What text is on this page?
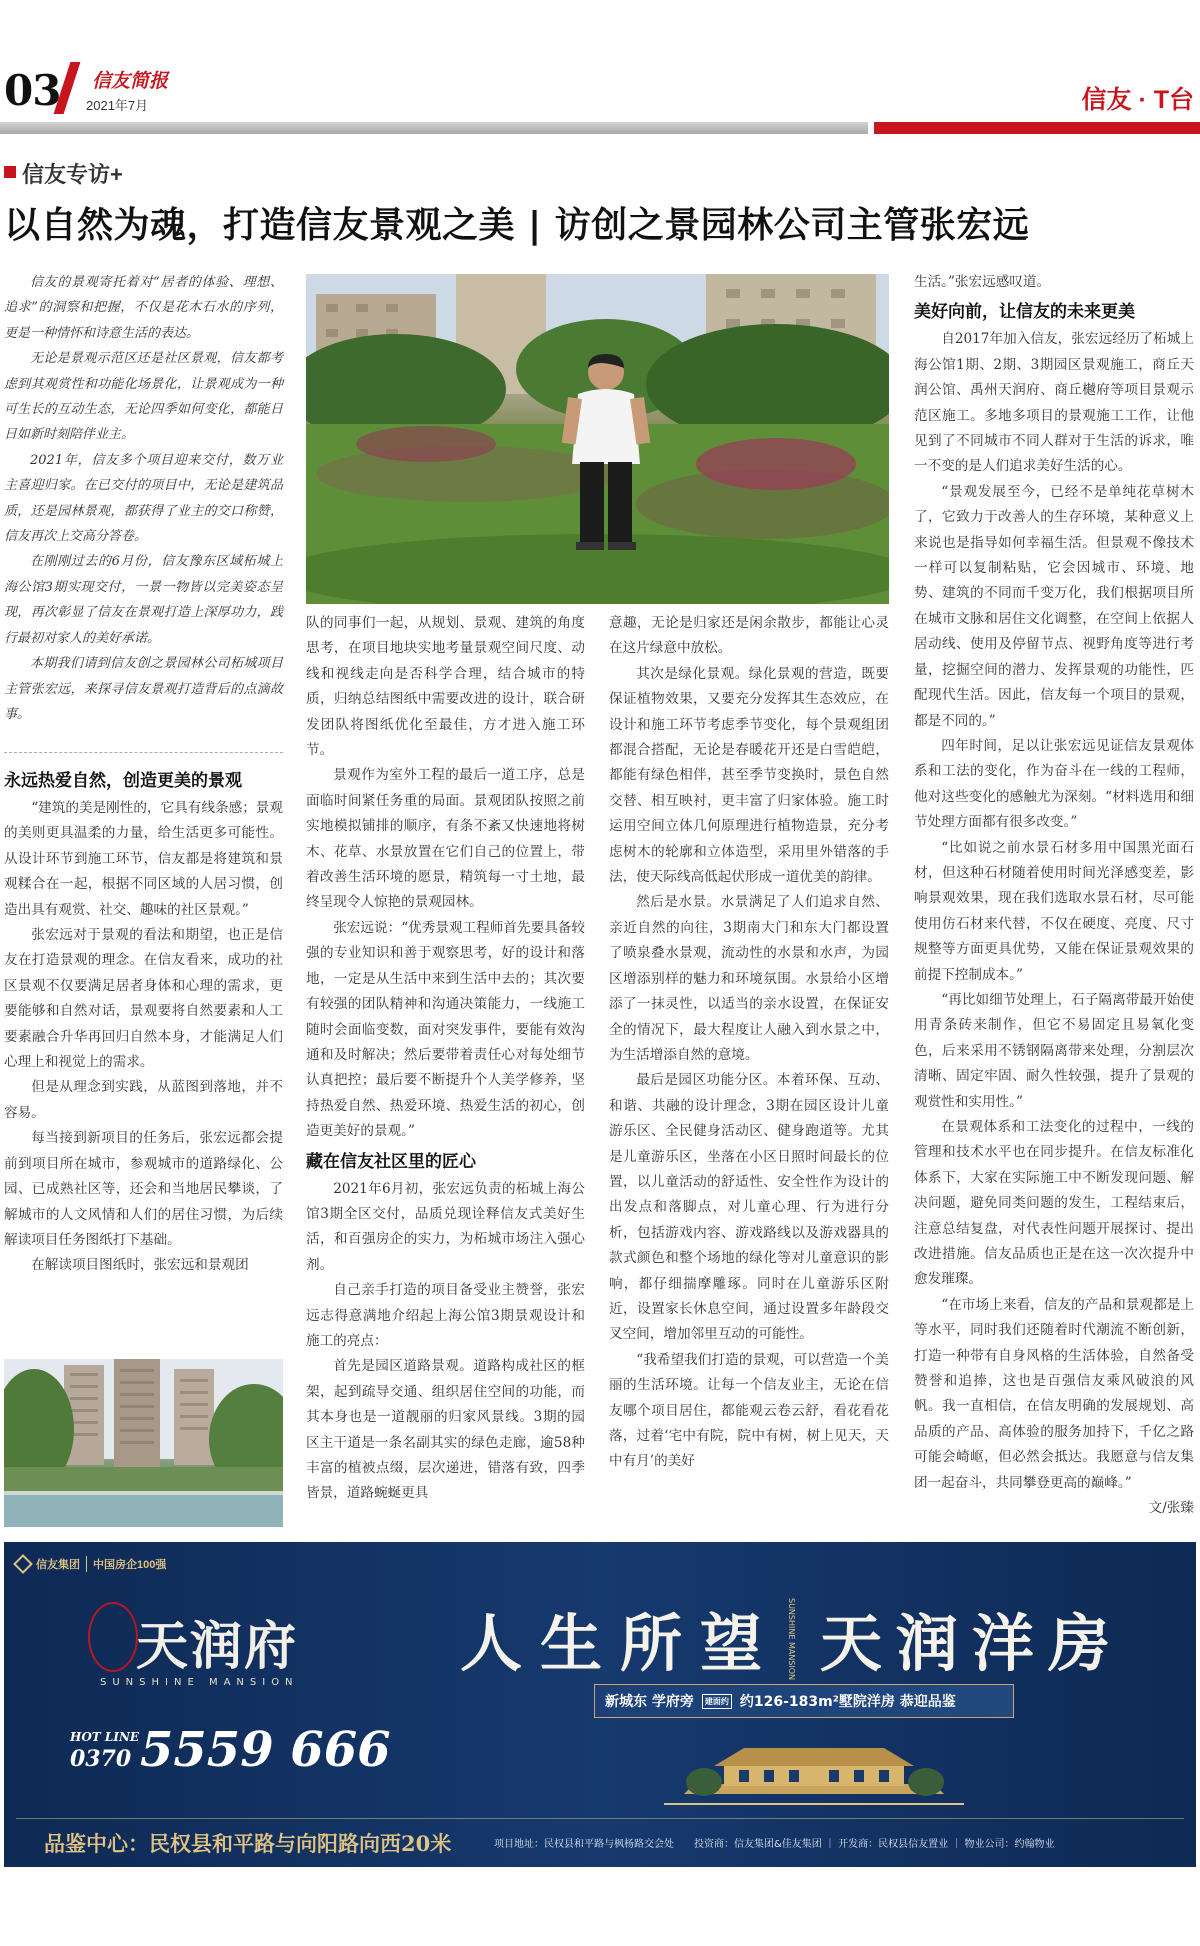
03 信友简报
2021年7月	信友 · T台
信友专访+
以自然为魂，打造信友景观之美 | 访创之景园林公司主管张宏远

信友的景观寄托着对“居者的体验、理想、追求”的洞察和把握，不仅是花木石水的序列，更是一种情怀和诗意生活的表达。

无论是景观示范区还是社区景观，信友都考虑到其观赏性和功能化场景化，让景观成为一种可生长的互动生态，无论四季如何变化，都能日日如新时刻陪伴业主。

2021年，信友多个项目迎来交付，数万业主喜迎归家。在已交付的项目中，无论是建筑品质，还是园林景观，都获得了业主的交口称赞，信友再次上交高分答卷。

在刚刚过去的6月份，信友豫东区域柘城上海公馆3期实现交付，一景一物皆以完美姿态呈现，再次彰显了信友在景观打造上深厚功力，践行最初对家人的美好承诺。

本期我们请到信友创之景园林公司柘城项目主管张宏远，来探寻信友景观打造背后的点滴故事。

永远热爱自然，创造更美的景观

“建筑的美是刚性的，它具有线条感；景观的美则更具温柔的力量，给生活更多可能性。从设计环节到施工环节，信友都是将建筑和景观糅合在一起，根据不同区域的人居习惯，创造出具有观赏、社交、趣味的社区景观。”

张宏远对于景观的看法和期望，也正是信友在打造景观的理念。在信友看来，成功的社区景观不仅要满足居者身体和心理的需求，更要能够和自然对话，景观要将自然要素和人工要素融合升华再回归自然本身，才能满足人们心理上和视觉上的需求。

但是从理念到实践，从蓝图到落地，并不容易。

每当接到新项目的任务后，张宏远都会提前到项目所在城市，参观城市的道路绿化、公园、已成熟社区等，还会和当地居民攀谈，了解城市的人文风情和人们的居住习惯，为后续解读项目任务图纸打下基础。

在解读项目图纸时，张宏远和景观团

队的同事们一起，从规划、景观、建筑的角度思考，在项目地块实地考量景观空间尺度、动线和视线走向是否科学合理，结合城市的特质，归纳总结图纸中需要改进的设计，联合研发团队将图纸优化至最佳，方才进入施工环节。

景观作为室外工程的最后一道工序，总是面临时间紧任务重的局面。景观团队按照之前实地模拟铺排的顺序，有条不紊又快速地将树木、花草、水景放置在它们自己的位置上，带着改善生活环境的愿景，精筑每一寸土地，最终呈现令人惊艳的景观园林。

张宏远说：“优秀景观工程师首先要具备较强的专业知识和善于观察思考，好的设计和落地，一定是从生活中来到生活中去的；其次要有较强的团队精神和沟通决策能力，一线施工随时会面临变数，面对突发事件，要能有效沟通和及时解决；然后要带着责任心对每处细节认真把控；最后要不断提升个人美学修养，坚持热爱自然、热爱环境、热爱生活的初心，创造更美好的景观。”

藏在信友社区里的匠心

2021年6月初，张宏远负责的柘城上海公馆3期全区交付，品质兑现诠释信友式美好生活，和百强房企的实力，为柘城市场注入强心剂。

自己亲手打造的项目备受业主赞誉，张宏远志得意满地介绍起上海公馆3期景观设计和施工的亮点：

首先是园区道路景观。道路构成社区的框架，起到疏导交通、组织居住空间的功能，而其本身也是一道靓丽的归家风景线。3期的园区主干道是一条名副其实的绿色走廊，逾58种丰富的植被点缀，层次递进，错落有致，四季皆景，道路蜿蜒更具

意趣，无论是归家还是闲余散步，都能让心灵在这片绿意中放松。

其次是绿化景观。绿化景观的营造，既要保证植物效果，又要充分发挥其生态效应，在设计和施工环节考虑季节变化，每个景观组团都混合搭配，无论是春暖花开还是白雪皑皑，都能有绿色相伴，甚至季节变换时，景色自然交替、相互映衬，更丰富了归家体验。施工时运用空间立体几何原理进行植物造景，充分考虑树木的轮廓和立体造型，采用里外错落的手法，使天际线高低起伏形成一道优美的韵律。

然后是水景。水景满足了人们追求自然、亲近自然的向往，3期南大门和东大门都设置了喷泉叠水景观，流动性的水景和水声，为园区增添别样的魅力和环境氛围。水景给小区增添了一抹灵性，以适当的亲水设置，在保证安全的情况下，最大程度让人融入到水景之中，为生活增添自然的意境。

最后是园区功能分区。本着环保、互动、和谐、共融的设计理念，3期在园区设计儿童游乐区、全民健身活动区、健身跑道等。尤其是儿童游乐区，坐落在小区日照时间最长的位置，以儿童活动的舒适性、安全性作为设计的出发点和落脚点，对儿童心理、行为进行分析，包括游戏内容、游戏路线以及游戏器具的款式颜色和整个场地的绿化等对儿童意识的影响，都仔细揣摩雕琢。同时在儿童游乐区附近，设置家长休息空间，通过设置多年龄段交叉空间，增加邻里互动的可能性。

“我希望我们打造的景观，可以营造一个美丽的生活环境。让每一个信友业主，无论在信友哪个项目居住，都能观云卷云舒，看花看花落，过着‘宅中有院，院中有树，树上见天，天中有月’的美好

生活。”张宏远感叹道。

美好向前，让信友的未来更美

自2017年加入信友，张宏远经历了柘城上海公馆1期、2期、3期园区景观施工，商丘天润公馆、禹州天润府、商丘樾府等项目景观示范区施工。多地多项目的景观施工工作，让他见到了不同城市不同人群对于生活的诉求，唯一不变的是人们追求美好生活的心。

“景观发展至今，已经不是单纯花草树木了，它致力于改善人的生存环境，某种意义上来说也是指导如何幸福生活。但景观不像技术一样可以复制粘贴，它会因城市、环境、地势、建筑的不同而千变万化，我们根据项目所在城市文脉和居住文化调整，在空间上依据人居动线、使用及停留节点、视野角度等进行考量，挖掘空间的潜力、发挥景观的功能性，匹配现代生活。因此，信友每一个项目的景观，都是不同的。”

四年时间，足以让张宏远见证信友景观体系和工法的变化，作为奋斗在一线的工程师，他对这些变化的感触尤为深刻。“材料选用和细节处理方面都有很多改变。”

“比如说之前水景石材多用中国黑光面石材，但这种石材随着使用时间光泽感变差，影响景观效果，现在我们选取水景石材，尽可能使用仿石材来代替，不仅在硬度、亮度、尺寸规整等方面更具优势，又能在保证景观效果的前提下控制成本。”

“再比如细节处理上，石子隔离带最开始使用青条砖来制作，但它不易固定且易氧化变色，后来采用不锈钢隔离带来处理，分割层次清晰、固定牢固、耐久性较强，提升了景观的观赏性和实用性。”

在景观体系和工法变化的过程中，一线的管理和技术水平也在同步提升。在信友标准化体系下，大家在实际施工中不断发现问题、解决问题，避免同类问题的发生，工程结束后，注意总结复盘，对代表性问题开展探讨、提出改进措施。信友品质也正是在这一次次提升中愈发璀璨。

“在市场上来看，信友的产品和景观都是上等水平，同时我们还随着时代潮流不断创新，打造一种带有自身风格的生活体验，自然备受赞誉和追捧，这也是百强信友乘风破浪的风帆。我一直相信，在信友明确的发展规划、高品质的产品、高体验的服务加持下，千亿之路可能会崎岖，但必然会抵达。我愿意与信友集团一起奋斗，共同攀登更高的巅峰。”

文/张臻

信友集团	中国房企100强
天润府
SUNSHINE MANSION
人生所望 天润洋房
SUNSHINE MANSION
新城东 学府旁	建面约 约126-183m²墅院洋房 恭迎品鉴
HOT LINE
0370 5559 666
品鉴中心：民权县和平路与向阳路向西20米	项目地址：民权县和平路与枫杨路交会处　　投资商：信友集团&佳友集团 ｜ 开发商：民权县信友置业 ｜ 物业公司：约翰物业
